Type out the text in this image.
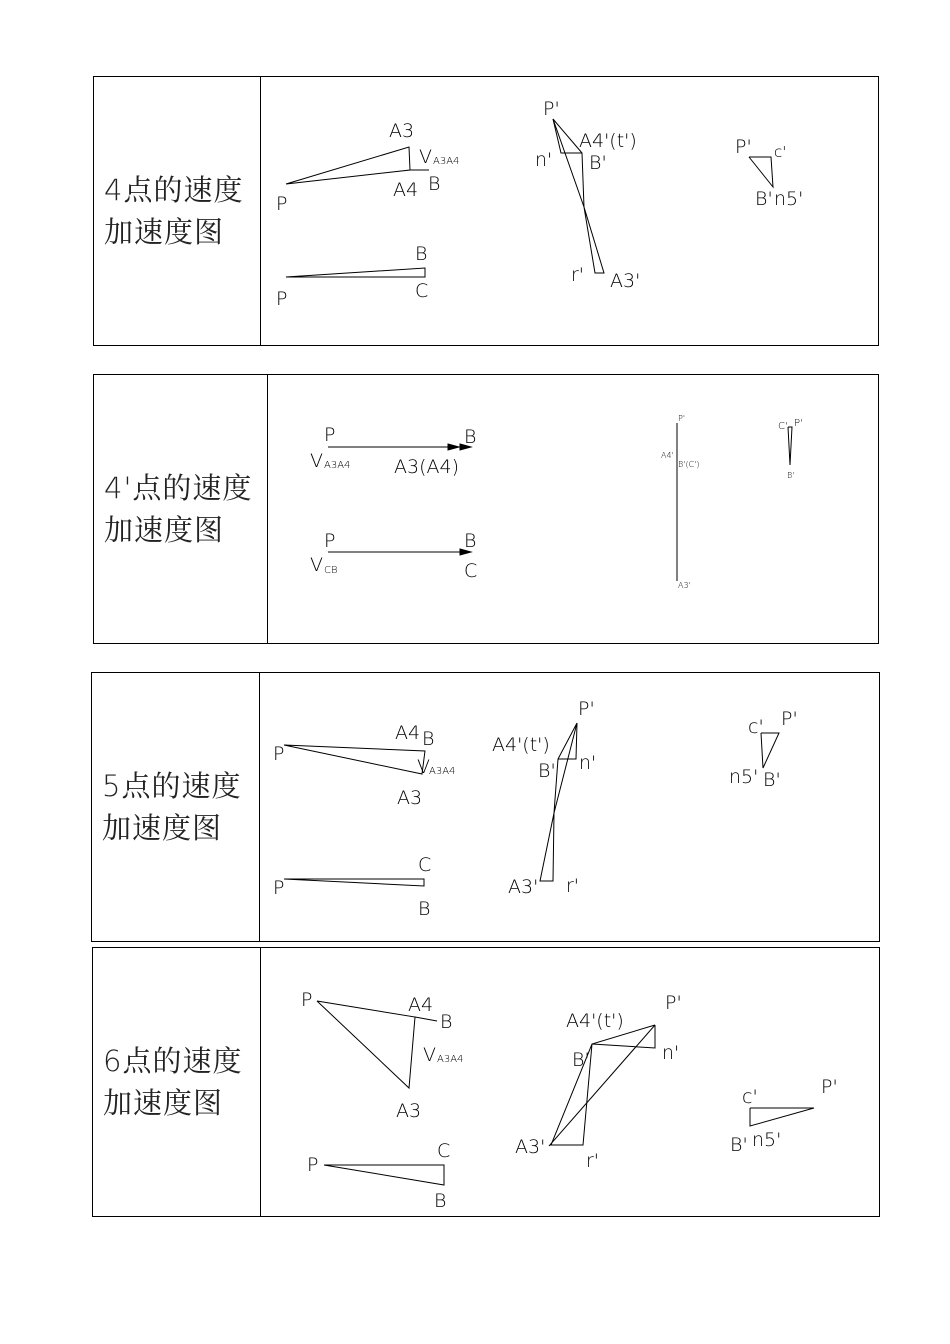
4点的速度
加速度图
P
A3
V A3A4
A4 B
P
B
C
P'
A4'(t')
n' B'
r' A3'
P' c'
B' n5'
4'点的速度
加速度图
P	B
V A3A4 A3(A4)
P	B
V CB	C
P'
A4'
B'(C')
A3'
C' P'
B'
5点的速度
加速度图
P
A4 B
V A3A4
A3
P
C
B
P'
A4'(t')
B' n'
A3' r'
c' P'
n5' B'
6点的速度
加速度图
P	A4
B
V A3A4
A3
P
C
B
A4'(t')
P'
B'	n'
A3'
r'
c'	P'
B' n5'
